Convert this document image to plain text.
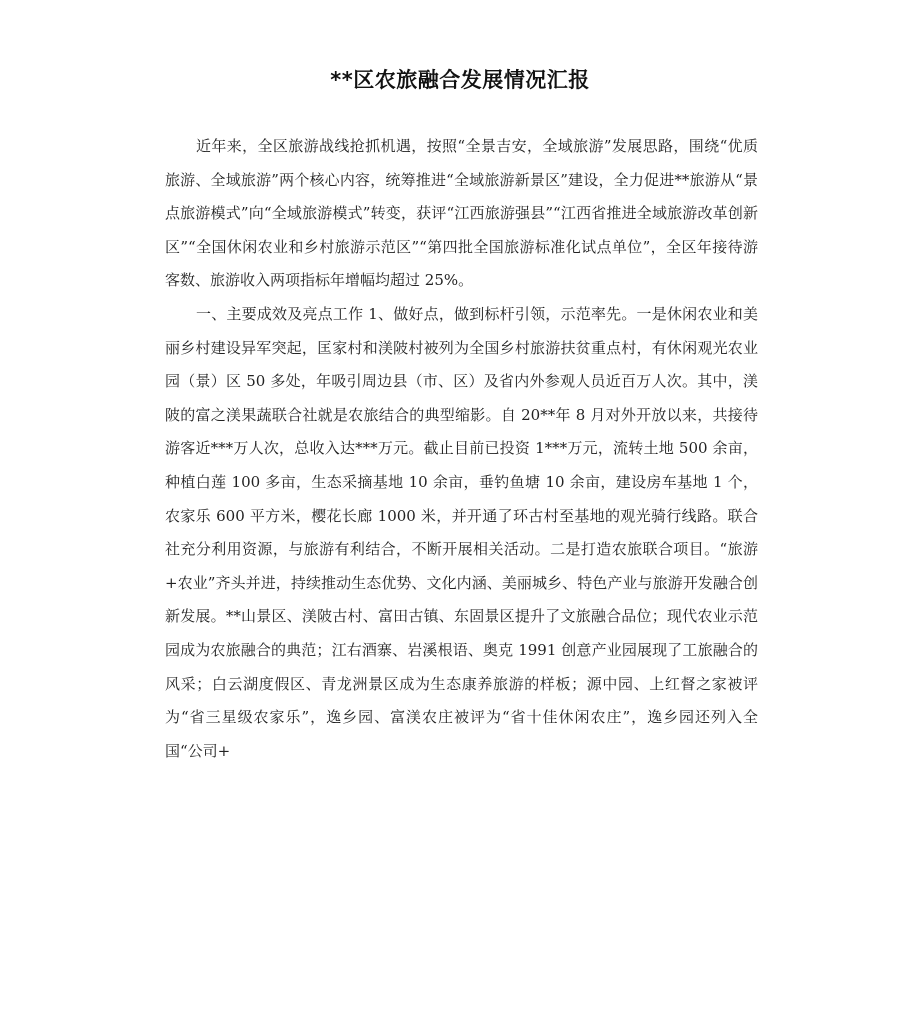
**区农旅融合发展情况汇报

近年来，全区旅游战线抢抓机遇，按照“全景吉安，全域旅游”发展思路，围绕“优质旅游、全域旅游”两个核心内容，统筹推进“全域旅游新景区”建设，全力促进**旅游从“景点旅游模式”向“全域旅游模式”转变，获评“江西旅游强县”“江西省推进全域旅游改革创新区”“全国休闲农业和乡村旅游示范区”“第四批全国旅游标准化试点单位”，全区年接待游客数、旅游收入两项指标年增幅均超过 25%。

一、主要成效及亮点工作 1、做好点，做到标杆引领，示范率先。一是休闲农业和美丽乡村建设异军突起，匡家村和渼陂村被列为全国乡村旅游扶贫重点村，有休闲观光农业园（景）区 50 多处，年吸引周边县（市、区）及省内外参观人员近百万人次。其中，渼陂的富之渼果蔬联合社就是农旅结合的典型缩影。自 20**年 8 月对外开放以来，共接待游客近***万人次，总收入达***万元。截止目前已投资 1***万元，流转土地 500 余亩，种植白莲 100 多亩，生态采摘基地 10 余亩，垂钓鱼塘 10 余亩，建设房车基地 1 个，农家乐 600 平方米，樱花长廊 1000 米，并开通了环古村至基地的观光骑行线路。联合社充分利用资源，与旅游有利结合，不断开展相关活动。二是打造农旅联合项目。“旅游+农业”齐头并进，持续推动生态优势、文化内涵、美丽城乡、特色产业与旅游开发融合创新发展。**山景区、渼陂古村、富田古镇、东固景区提升了文旅融合品位；现代农业示范园成为农旅融合的典范；江右酒寨、岩溪根语、奥克 1991 创意产业园展现了工旅融合的风采；白云湖度假区、青龙洲景区成为生态康养旅游的样板；源中园、上红督之家被评为“省三星级农家乐”，逸乡园、富渼农庄被评为“省十佳休闲农庄”，逸乡园还列入全国“公司+
